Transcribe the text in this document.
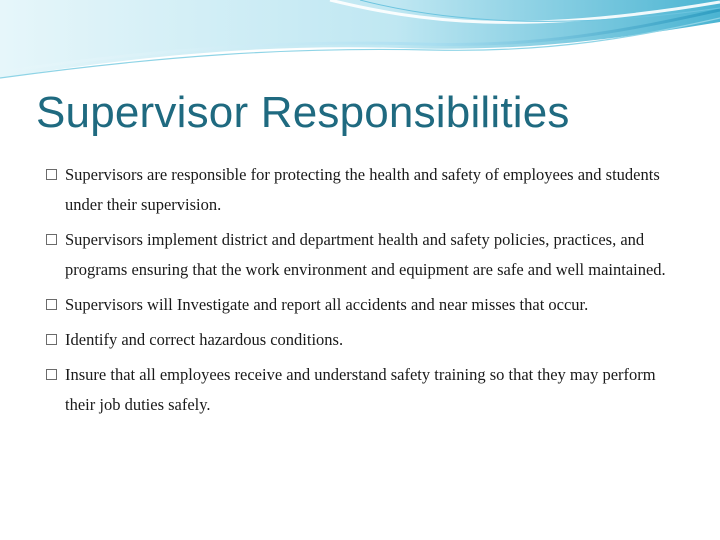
Supervisor Responsibilities
Supervisors are responsible for protecting the health and safety of employees and students under their supervision.
Supervisors implement district and department health and safety policies, practices, and programs ensuring that the work environment and equipment are safe and well maintained.
Supervisors will Investigate and report all accidents and near misses that occur.
Identify and correct hazardous conditions.
Insure that all employees receive and understand safety training so that they may perform their job duties safely.
